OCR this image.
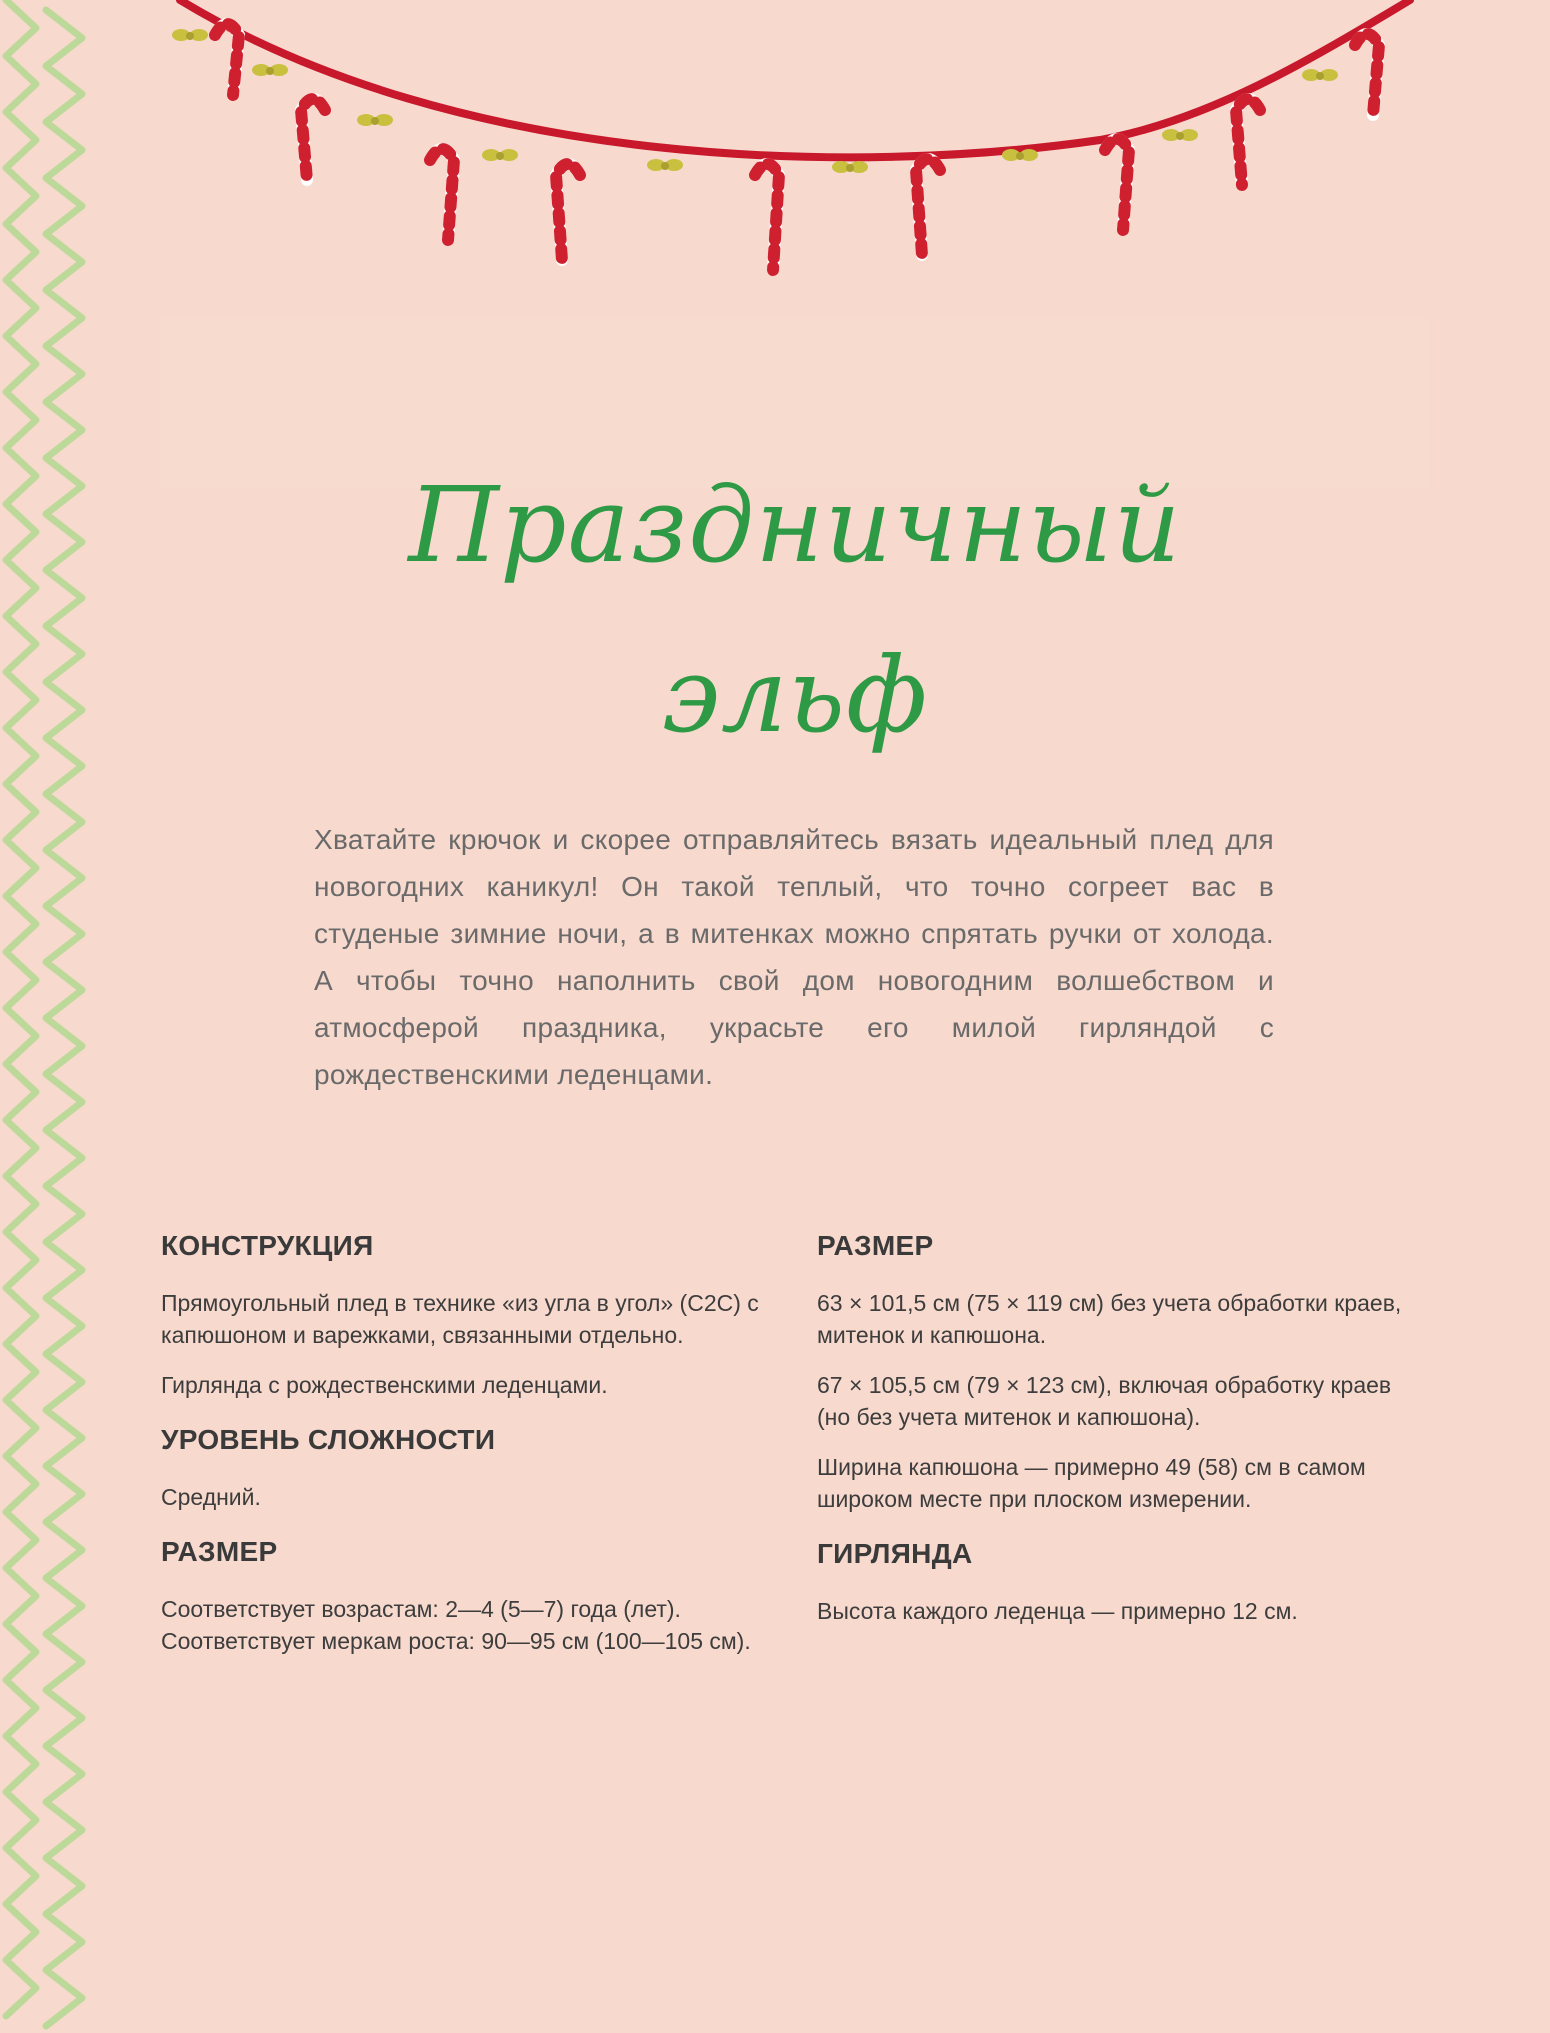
Праздничный
эльф

Хватайте крючок и скорее отправляйтесь вязать идеальный плед для новогодних каникул! Он такой теплый, что точно согреет вас в студеные зимние ночи, а в митенках можно спрятать ручки от холода. А чтобы точно наполнить свой дом новогодним волшебством и атмосферой праздника, украсьте его милой гирляндой с рождественскими леденцами.

КОНСТРУКЦИЯ

Прямоугольный плед в технике «из угла в угол» (С2С) с капюшоном и варежками, связанными отдельно.

Гирлянда с рождественскими леденцами.

УРОВЕНЬ СЛОЖНОСТИ

Средний.

РАЗМЕР

Соответствует возрастам: 2—4 (5—7) года (лет). Соответствует меркам роста: 90—95 см (100—105 см).

РАЗМЕР

63 × 101,5 см (75 × 119 см) без учета обработки краев, митенок и капюшона.

67 × 105,5 см (79 × 123 см), включая обработку краев (но без учета митенок и капюшона).

Ширина капюшона — примерно 49 (58) см в самом широком месте при плоском измерении.

ГИРЛЯНДА

Высота каждого леденца — примерно 12 см.
